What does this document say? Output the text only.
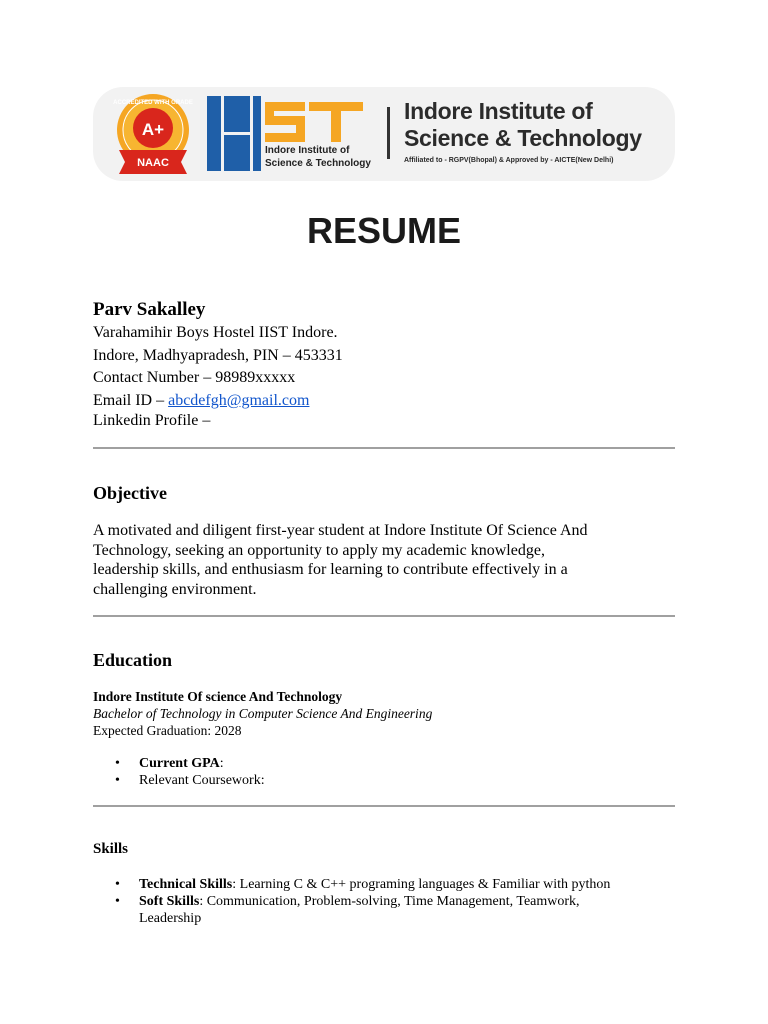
ACCREDITED WITH GRADE
A+
NAAC
Indore Institute of
Science & Technology
Indore Institute of
Science & Technology
Affiliated to - RGPV(Bhopal) & Approved by - AICTE(New Delhi)
RESUME
Parv Sakalley
Varahamihir Boys Hostel IIST Indore.
Indore, Madhyapradesh, PIN – 453331
Contact Number – 98989xxxxx
Email ID – abcdefgh@gmail.com
Linkedin Profile –
Objective
A motivated and diligent first-year student at Indore Institute Of Science And
Technology, seeking an opportunity to apply my academic knowledge,
leadership skills, and enthusiasm for learning to contribute effectively in a
challenging environment.
Education
Indore Institute Of science And Technology
Bachelor of Technology in Computer Science And Engineering
Expected Graduation: 2028
• Current GPA:
• Relevant Coursework:
Skills
• Technical Skills: Learning C & C++ programing languages & Familiar with python
• Soft Skills: Communication, Problem-solving, Time Management, Teamwork,
Leadership
